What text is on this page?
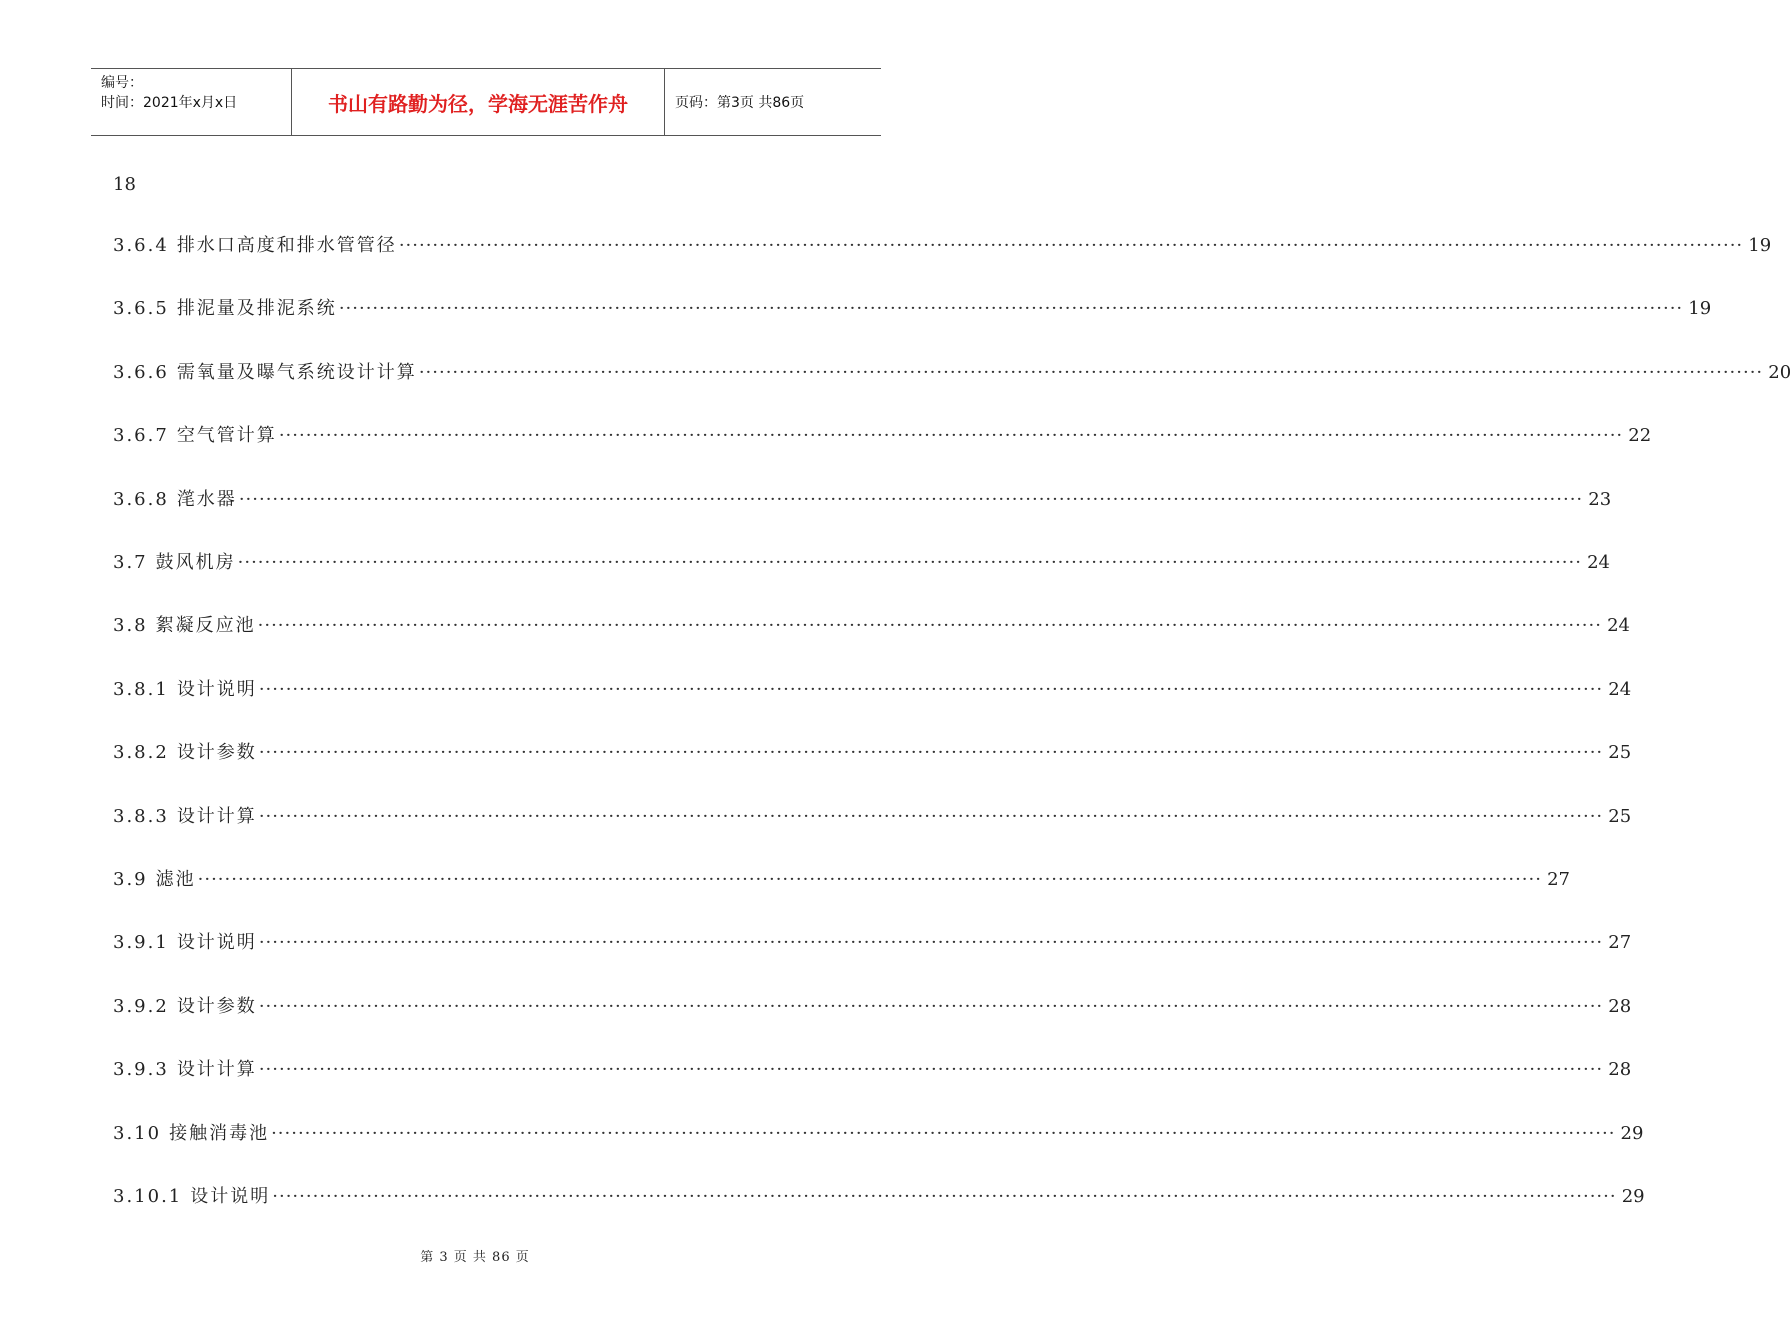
编号：
时间：2021年x月x日	书山有路勤为径，学海无涯苦作舟	页码：第3页 共86页
18
3.6.4 排水口高度和排水管管径 ········································································································································································································ 19
3.6.5 排泥量及排泥系统 ········································································································································································································ 19
3.6.6 需氧量及曝气系统设计计算 ········································································································································································································ 20
3.6.7 空气管计算 ········································································································································································································ 22
3.6.8 滗水器 ········································································································································································································ 23
3.7 鼓风机房 ········································································································································································································ 24
3.8 絮凝反应池 ········································································································································································································ 24
3.8.1 设计说明 ········································································································································································································ 24
3.8.2 设计参数 ········································································································································································································ 25
3.8.3 设计计算 ········································································································································································································ 25
3.9 滤池 ········································································································································································································ 27
3.9.1 设计说明 ········································································································································································································ 27
3.9.2 设计参数 ········································································································································································································ 28
3.9.3 设计计算 ········································································································································································································ 28
3.10 接触消毒池 ········································································································································································································ 29
3.10.1 设计说明 ········································································································································································································ 29
第 3 页 共 86 页
